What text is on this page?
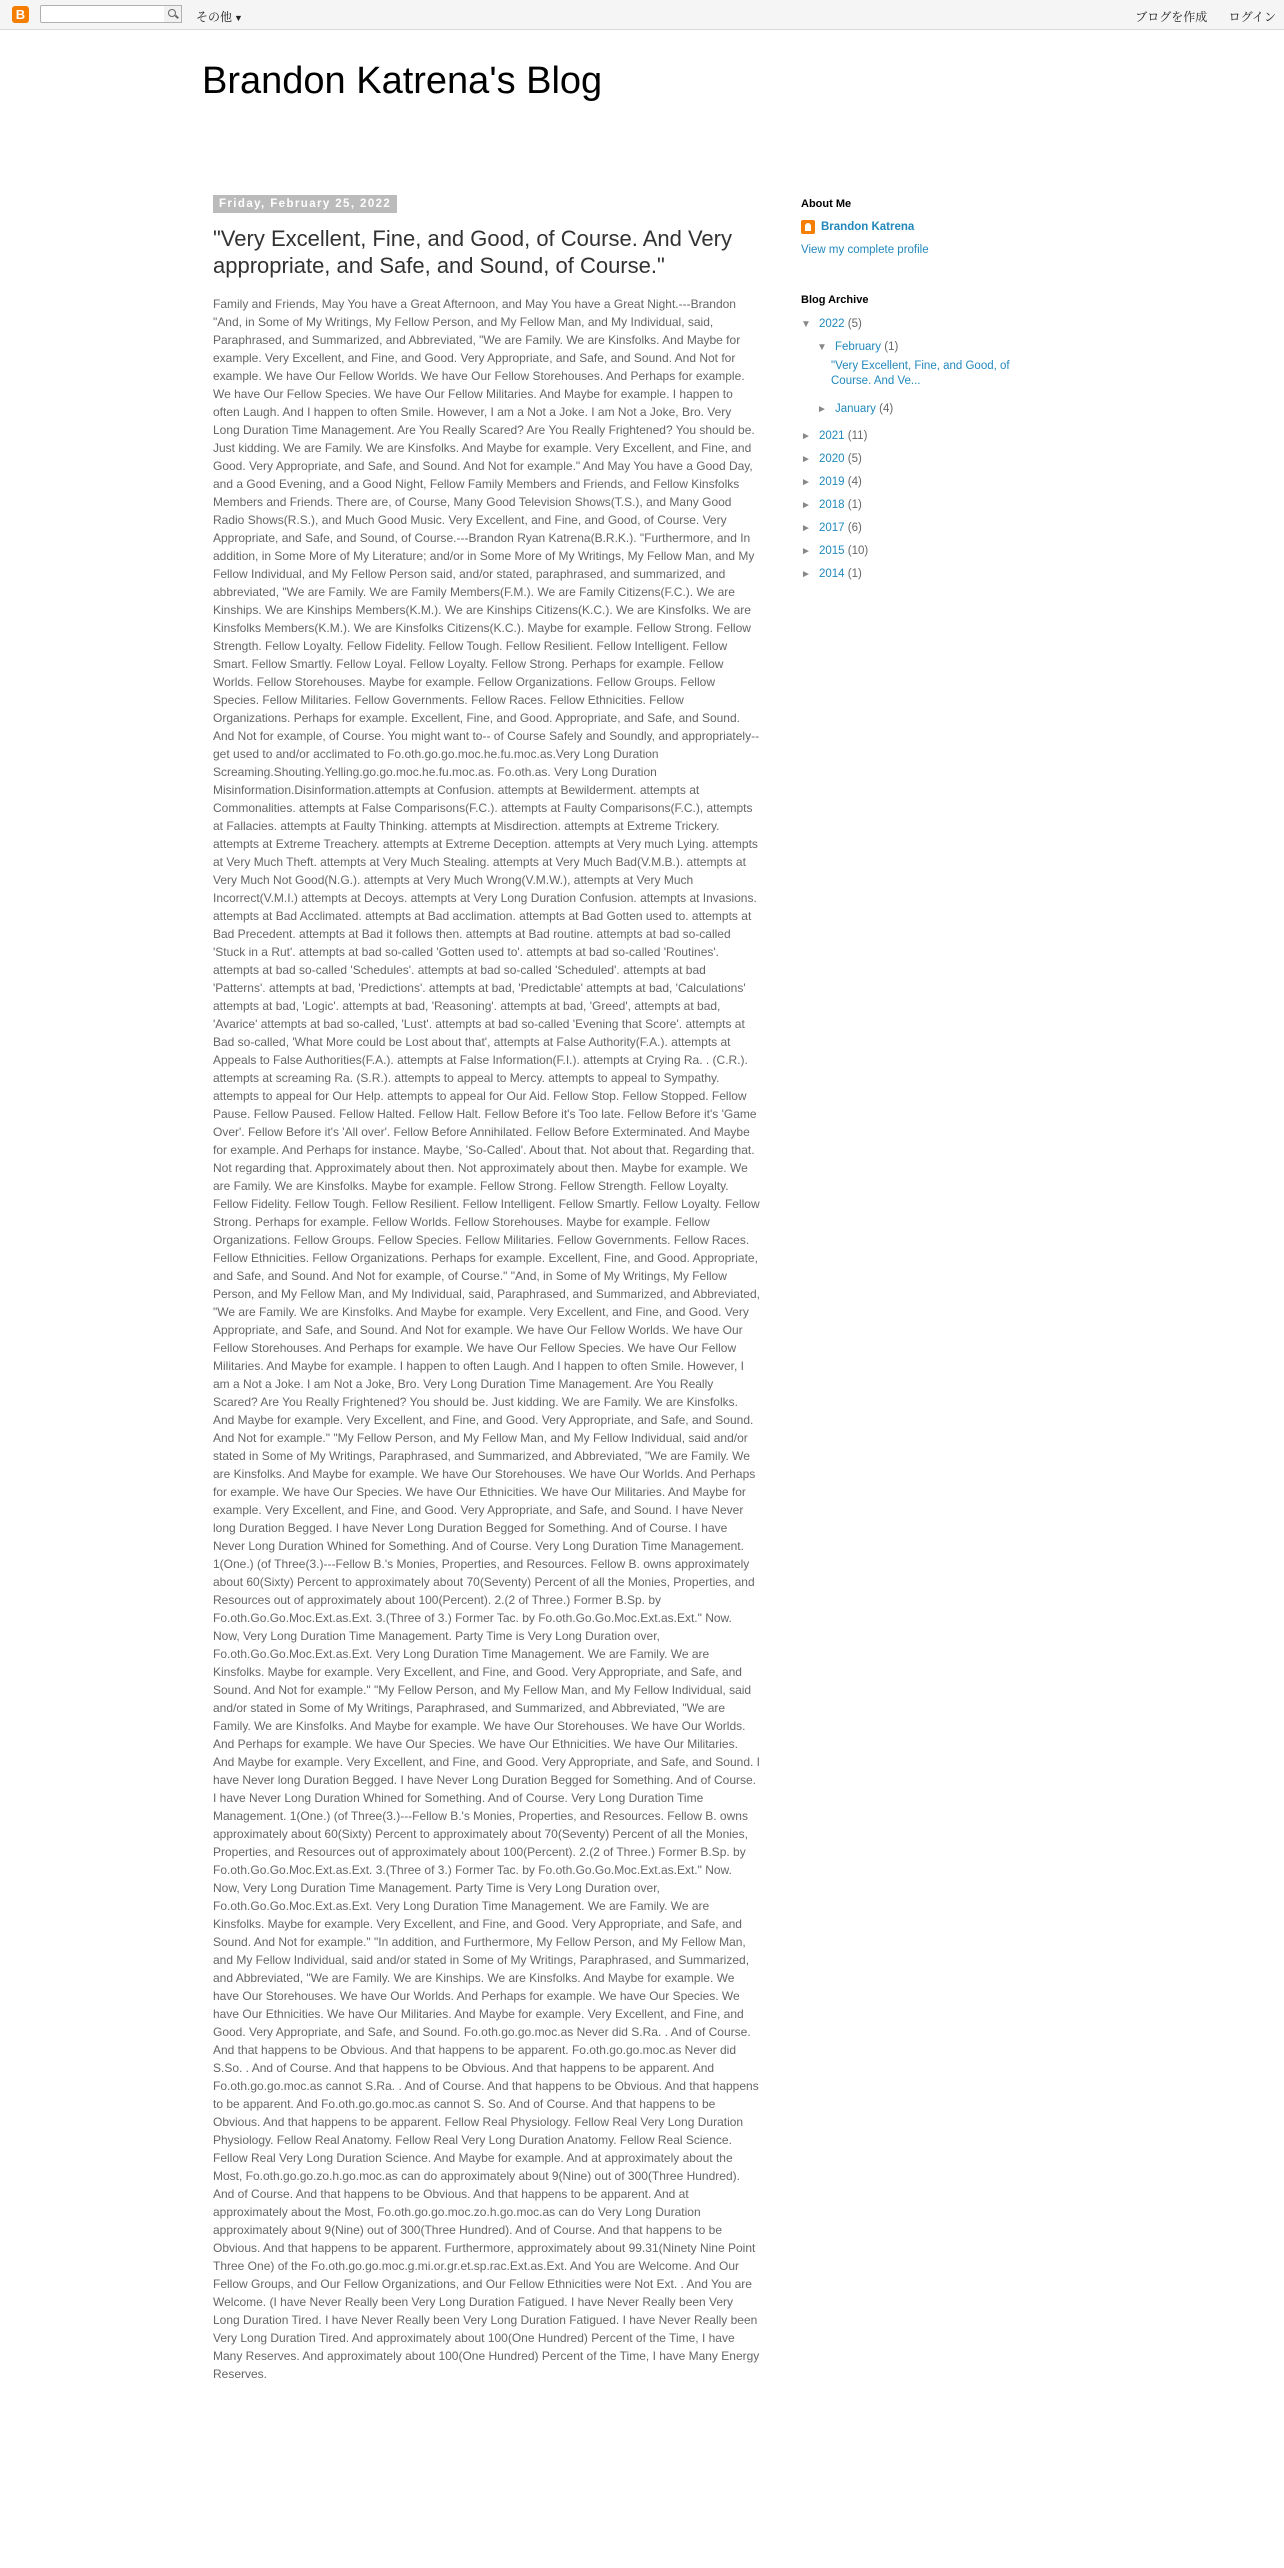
B	その他 ▼	ブログを作成 ログイン
Brandon Katrena's Blog
Friday, February 25, 2022
"Very Excellent, Fine, and Good, of Course. And Very appropriate, and Safe, and Sound, of Course."

Family and Friends, May You have a Great Afternoon, and May You have a Great Night.---Brandon "And, in Some of My Writings, My Fellow Person, and My Fellow Man, and My Individual, said, Paraphrased, and Summarized, and Abbreviated, "We are Family. We are Kinsfolks. And Maybe for example. Very Excellent, and Fine, and Good. Very Appropriate, and Safe, and Sound. And Not for example. We have Our Fellow Worlds. We have Our Fellow Storehouses. And Perhaps for example. We have Our Fellow Species. We have Our Fellow Militaries. And Maybe for example. I happen to often Laugh. And I happen to often Smile. However, I am a Not a Joke. I am Not a Joke, Bro. Very Long Duration Time Management. Are You Really Scared? Are You Really Frightened? You should be. Just kidding. We are Family. We are Kinsfolks. And Maybe for example. Very Excellent, and Fine, and Good. Very Appropriate, and Safe, and Sound. And Not for example." And May You have a Good Day, and a Good Evening, and a Good Night, Fellow Family Members and Friends, and Fellow Kinsfolks Members and Friends. There are, of Course, Many Good Television Shows(T.S.), and Many Good Radio Shows(R.S.), and Much Good Music. Very Excellent, and Fine, and Good, of Course. Very Appropriate, and Safe, and Sound, of Course.---Brandon Ryan Katrena(B.R.K.). "Furthermore, and In addition, in Some More of My Literature; and/or in Some More of My Writings, My Fellow Man, and My Fellow Individual, and My Fellow Person said, and/or stated, paraphrased, and summarized, and abbreviated, "We are Family. We are Family Members(F.M.). We are Family Citizens(F.C.). We are Kinships. We are Kinships Members(K.M.). We are Kinships Citizens(K.C.). We are Kinsfolks. We are Kinsfolks Members(K.M.). We are Kinsfolks Citizens(K.C.). Maybe for example. Fellow Strong. Fellow Strength. Fellow Loyalty. Fellow Fidelity. Fellow Tough. Fellow Resilient. Fellow Intelligent. Fellow Smart. Fellow Smartly. Fellow Loyal. Fellow Loyalty. Fellow Strong. Perhaps for example. Fellow Worlds. Fellow Storehouses. Maybe for example. Fellow Organizations. Fellow Groups. Fellow Species. Fellow Militaries. Fellow Governments. Fellow Races. Fellow Ethnicities. Fellow Organizations. Perhaps for example. Excellent, Fine, and Good. Appropriate, and Safe, and Sound. And Not for example, of Course. You might want to-- of Course Safely and Soundly, and appropriately-- get used to and/or acclimated to Fo.oth.go.go.moc.he.fu.moc.as.Very Long Duration Screaming.Shouting.Yelling.go.go.moc.he.fu.moc.as. Fo.oth.as. Very Long Duration Misinformation.Disinformation.attempts at Confusion. attempts at Bewilderment. attempts at Commonalities. attempts at False Comparisons(F.C.). attempts at Faulty Comparisons(F.C.), attempts at Fallacies. attempts at Faulty Thinking. attempts at Misdirection. attempts at Extreme Trickery. attempts at Extreme Treachery. attempts at Extreme Deception. attempts at Very much Lying. attempts at Very Much Theft. attempts at Very Much Stealing. attempts at Very Much Bad(V.M.B.). attempts at Very Much Not Good(N.G.). attempts at Very Much Wrong(V.M.W.), attempts at Very Much Incorrect(V.M.I.) attempts at Decoys. attempts at Very Long Duration Confusion. attempts at Invasions. attempts at Bad Acclimated. attempts at Bad acclimation. attempts at Bad Gotten used to. attempts at Bad Precedent. attempts at Bad it follows then. attempts at Bad routine. attempts at bad so-called 'Stuck in a Rut'. attempts at bad so-called 'Gotten used to'. attempts at bad so-called 'Routines'. attempts at bad so-called 'Schedules'. attempts at bad so-called 'Scheduled'. attempts at bad 'Patterns'. attempts at bad, 'Predictions'. attempts at bad, 'Predictable' attempts at bad, 'Calculations' attempts at bad, 'Logic'. attempts at bad, 'Reasoning'. attempts at bad, 'Greed', attempts at bad, 'Avarice' attempts at bad so-called, 'Lust'. attempts at bad so-called 'Evening that Score'. attempts at Bad so-called, 'What More could be Lost about that', attempts at False Authority(F.A.). attempts at Appeals to False Authorities(F.A.). attempts at False Information(F.I.). attempts at Crying Ra. . (C.R.). attempts at screaming Ra. (S.R.). attempts to appeal to Mercy. attempts to appeal to Sympathy. attempts to appeal for Our Help. attempts to appeal for Our Aid. Fellow Stop. Fellow Stopped. Fellow Pause. Fellow Paused. Fellow Halted. Fellow Halt. Fellow Before it's Too late. Fellow Before it's 'Game Over'. Fellow Before it's 'All over'. Fellow Before Annihilated. Fellow Before Exterminated. And Maybe for example. And Perhaps for instance. Maybe, 'So-Called'. About that. Not about that. Regarding that. Not regarding that. Approximately about then. Not approximately about then. Maybe for example. We are Family. We are Kinsfolks. Maybe for example. Fellow Strong. Fellow Strength. Fellow Loyalty. Fellow Fidelity. Fellow Tough. Fellow Resilient. Fellow Intelligent. Fellow Smartly. Fellow Loyalty. Fellow Strong. Perhaps for example. Fellow Worlds. Fellow Storehouses. Maybe for example. Fellow Organizations. Fellow Groups. Fellow Species. Fellow Militaries. Fellow Governments. Fellow Races. Fellow Ethnicities. Fellow Organizations. Perhaps for example. Excellent, Fine, and Good. Appropriate, and Safe, and Sound. And Not for example, of Course." "And, in Some of My Writings, My Fellow Person, and My Fellow Man, and My Individual, said, Paraphrased, and Summarized, and Abbreviated, "We are Family. We are Kinsfolks. And Maybe for example. Very Excellent, and Fine, and Good. Very Appropriate, and Safe, and Sound. And Not for example. We have Our Fellow Worlds. We have Our Fellow Storehouses. And Perhaps for example. We have Our Fellow Species. We have Our Fellow Militaries. And Maybe for example. I happen to often Laugh. And I happen to often Smile. However, I am a Not a Joke. I am Not a Joke, Bro. Very Long Duration Time Management. Are You Really Scared? Are You Really Frightened? You should be. Just kidding. We are Family. We are Kinsfolks. And Maybe for example. Very Excellent, and Fine, and Good. Very Appropriate, and Safe, and Sound. And Not for example." "My Fellow Person, and My Fellow Man, and My Fellow Individual, said and/or stated in Some of My Writings, Paraphrased, and Summarized, and Abbreviated, "We are Family. We are Kinsfolks. And Maybe for example. We have Our Storehouses. We have Our Worlds. And Perhaps for example. We have Our Species. We have Our Ethnicities. We have Our Militaries. And Maybe for example. Very Excellent, and Fine, and Good. Very Appropriate, and Safe, and Sound. I have Never long Duration Begged. I have Never Long Duration Begged for Something. And of Course. I have Never Long Duration Whined for Something. And of Course. Very Long Duration Time Management. 1(One.) (of Three(3.)---Fellow B.'s Monies, Properties, and Resources. Fellow B. owns approximately about 60(Sixty) Percent to approximately about 70(Seventy) Percent of all the Monies, Properties, and Resources out of approximately about 100(Percent). 2.(2 of Three.) Former B.Sp. by Fo.oth.Go.Go.Moc.Ext.as.Ext. 3.(Three of 3.) Former Tac. by Fo.oth.Go.Go.Moc.Ext.as.Ext." Now. Now, Very Long Duration Time Management. Party Time is Very Long Duration over, Fo.oth.Go.Go.Moc.Ext.as.Ext. Very Long Duration Time Management. We are Family. We are Kinsfolks. Maybe for example. Very Excellent, and Fine, and Good. Very Appropriate, and Safe, and Sound. And Not for example." "My Fellow Person, and My Fellow Man, and My Fellow Individual, said and/or stated in Some of My Writings, Paraphrased, and Summarized, and Abbreviated, "We are Family. We are Kinsfolks. And Maybe for example. We have Our Storehouses. We have Our Worlds. And Perhaps for example. We have Our Species. We have Our Ethnicities. We have Our Militaries. And Maybe for example. Very Excellent, and Fine, and Good. Very Appropriate, and Safe, and Sound. I have Never long Duration Begged. I have Never Long Duration Begged for Something. And of Course. I have Never Long Duration Whined for Something. And of Course. Very Long Duration Time Management. 1(One.) (of Three(3.)---Fellow B.'s Monies, Properties, and Resources. Fellow B. owns approximately about 60(Sixty) Percent to approximately about 70(Seventy) Percent of all the Monies, Properties, and Resources out of approximately about 100(Percent). 2.(2 of Three.) Former B.Sp. by Fo.oth.Go.Go.Moc.Ext.as.Ext. 3.(Three of 3.) Former Tac. by Fo.oth.Go.Go.Moc.Ext.as.Ext." Now. Now, Very Long Duration Time Management. Party Time is Very Long Duration over, Fo.oth.Go.Go.Moc.Ext.as.Ext. Very Long Duration Time Management. We are Family. We are Kinsfolks. Maybe for example. Very Excellent, and Fine, and Good. Very Appropriate, and Safe, and Sound. And Not for example." "In addition, and Furthermore, My Fellow Person, and My Fellow Man, and My Fellow Individual, said and/or stated in Some of My Writings, Paraphrased, and Summarized, and Abbreviated, "We are Family. We are Kinships. We are Kinsfolks. And Maybe for example. We have Our Storehouses. We have Our Worlds. And Perhaps for example. We have Our Species. We have Our Ethnicities. We have Our Militaries. And Maybe for example. Very Excellent, and Fine, and Good. Very Appropriate, and Safe, and Sound. Fo.oth.go.go.moc.as Never did S.Ra. . And of Course. And that happens to be Obvious. And that happens to be apparent. Fo.oth.go.go.moc.as Never did S.So. . And of Course. And that happens to be Obvious. And that happens to be apparent. And Fo.oth.go.go.moc.as cannot S.Ra. . And of Course. And that happens to be Obvious. And that happens to be apparent. And Fo.oth.go.go.moc.as cannot S. So. And of Course. And that happens to be Obvious. And that happens to be apparent. Fellow Real Physiology. Fellow Real Very Long Duration Physiology. Fellow Real Anatomy. Fellow Real Very Long Duration Anatomy. Fellow Real Science. Fellow Real Very Long Duration Science. And Maybe for example. And at approximately about the Most, Fo.oth.go.go.zo.h.go.moc.as can do approximately about 9(Nine) out of 300(Three Hundred). And of Course. And that happens to be Obvious. And that happens to be apparent. And at approximately about the Most, Fo.oth.go.go.moc.zo.h.go.moc.as can do Very Long Duration approximately about 9(Nine) out of 300(Three Hundred). And of Course. And that happens to be Obvious. And that happens to be apparent. Furthermore, approximately about 99.31(Ninety Nine Point Three One) of the Fo.oth.go.go.moc.g.mi.or.gr.et.sp.rac.Ext.as.Ext. And You are Welcome. And Our Fellow Groups, and Our Fellow Organizations, and Our Fellow Ethnicities were Not Ext. . And You are Welcome. (I have Never Really been Very Long Duration Fatigued. I have Never Really been Very Long Duration Tired. I have Never Really been Very Long Duration Fatigued. I have Never Really been Very Long Duration Tired. And approximately about 100(One Hundred) Percent of the Time, I have Many Reserves. And approximately about 100(One Hundred) Percent of the Time, I have Many Energy Reserves.

About Me
Brandon Katrena
View my complete profile
Blog Archive
▼ 2022 (5)
▼ February (1)
"Very Excellent, Fine, and Good, of Course. And Ve...
► January (4)
► 2021 (11)
► 2020 (5)
► 2019 (4)
► 2018 (1)
► 2017 (6)
► 2015 (10)
► 2014 (1)
